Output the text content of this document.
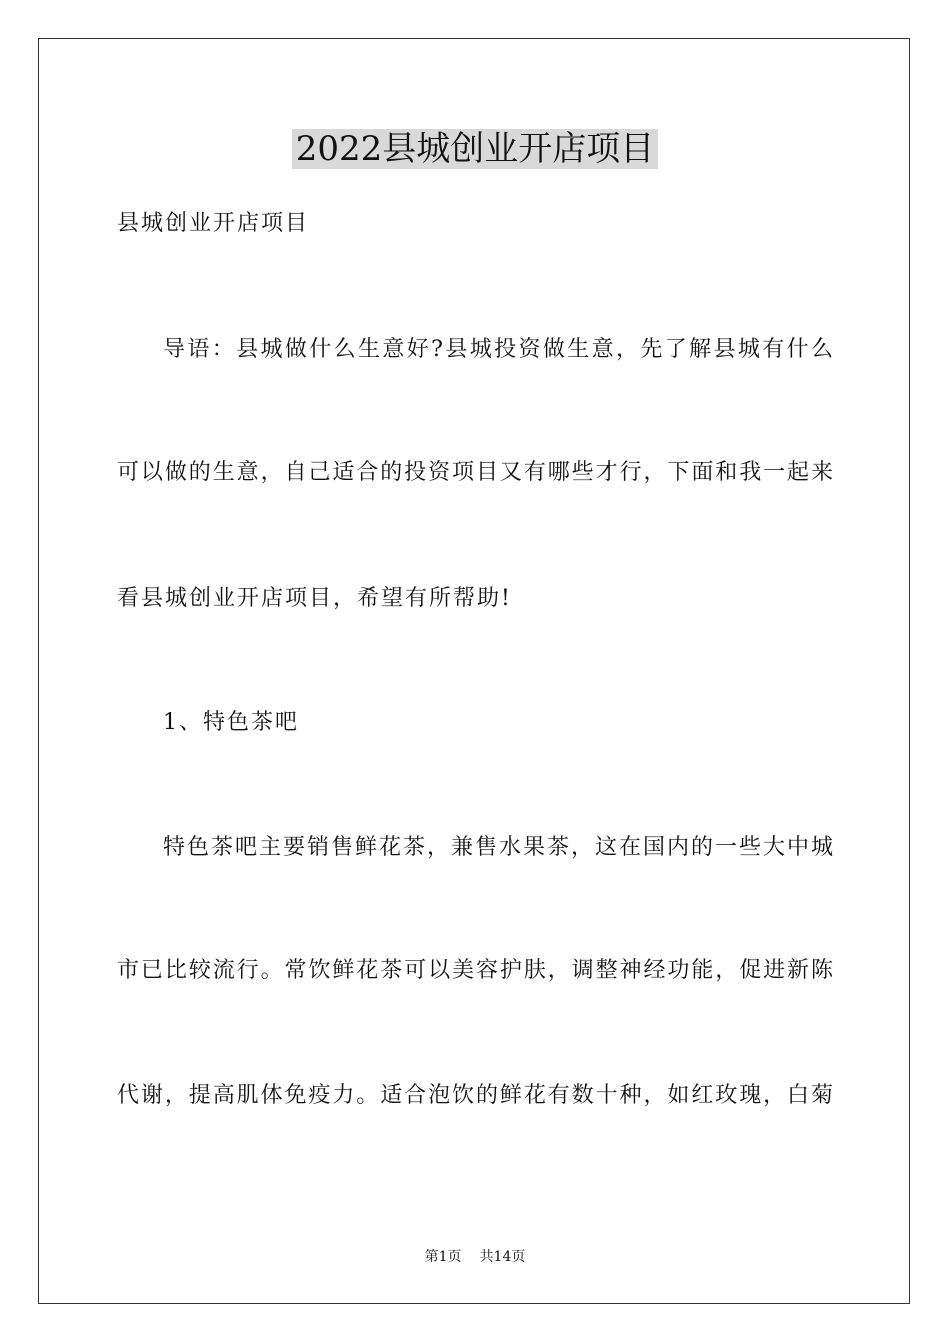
2022县城创业开店项目

县城创业开店项目

导语：县城做什么生意好?县城投资做生意，先了解县城有什么

可以做的生意，自己适合的投资项目又有哪些才行，下面和我一起来

看县城创业开店项目，希望有所帮助!

1、特色茶吧

特色茶吧主要销售鲜花茶，兼售水果茶，这在国内的一些大中城

市已比较流行。常饮鲜花茶可以美容护肤，调整神经功能，促进新陈

代谢，提高肌体免疫力。适合泡饮的鲜花有数十种，如红玫瑰，白菊

第1页 共14页
